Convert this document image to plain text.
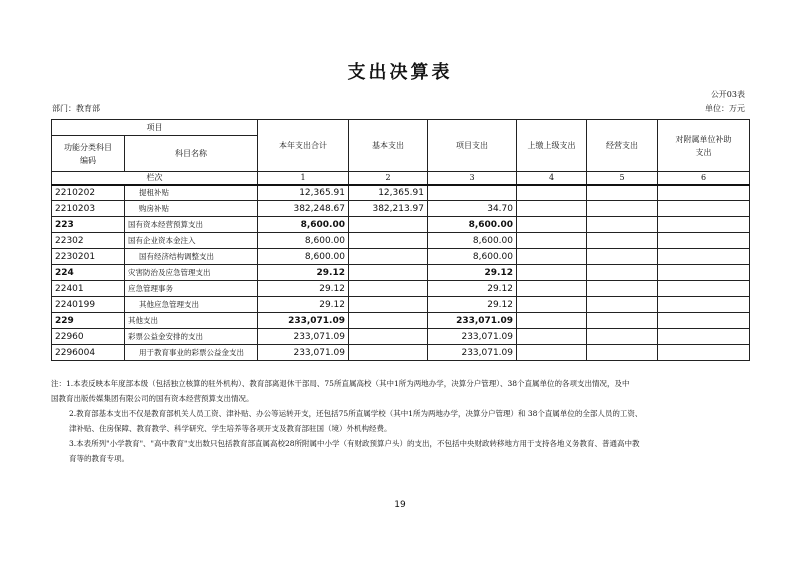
支出决算表
公开03表
部门：教育部	单位：万元
项目		本年支出合计	基本支出	项目支出	上缴上级支出	经营支出	对附属单位补助支出
功能分类科目编码	科目名称						
栏次		1	2	3	4	5	6
2210202	提租补贴	12,365.91	12,365.91				
2210203	购房补贴	382,248.67	382,213.97	34.70			
223	国有资本经营预算支出	8,600.00		8,600.00			
22302	国有企业资本金注入	8,600.00		8,600.00			
2230201	国有经济结构调整支出	8,600.00		8,600.00			
224	灾害防治及应急管理支出	29.12		29.12			
22401	应急管理事务	29.12		29.12			
2240199	其他应急管理支出	29.12		29.12			
229	其他支出	233,071.09		233,071.09			
22960	彩票公益金安排的支出	233,071.09		233,071.09			
2296004	用于教育事业的彩票公益金支出	233,071.09		233,071.09			

注：1.本表反映本年度部本级（包括独立核算的驻外机构）、教育部离退休干部局、75所直属高校（其中1所为两地办学，决算分户管理）、38个直属单位的各项支出情况，及中

国教育出版传媒集团有限公司的国有资本经营预算支出情况。

2.教育部基本支出不仅是教育部机关人员工资、津补贴、办公等运转开支，还包括75所直属学校（其中1所为两地办学，决算分户管理）和 38个直属单位的全部人员的工资、

津补贴、住房保障、教育教学、科学研究、学生培养等各项开支及教育部驻国（境）外机构经费。

3.本表所列"小学教育"、"高中教育"支出数只包括教育部直属高校28所附属中小学（有财政预算户头）的支出，不包括中央财政转移地方用于支持各地义务教育、普通高中教

育等的教育专项。

19
